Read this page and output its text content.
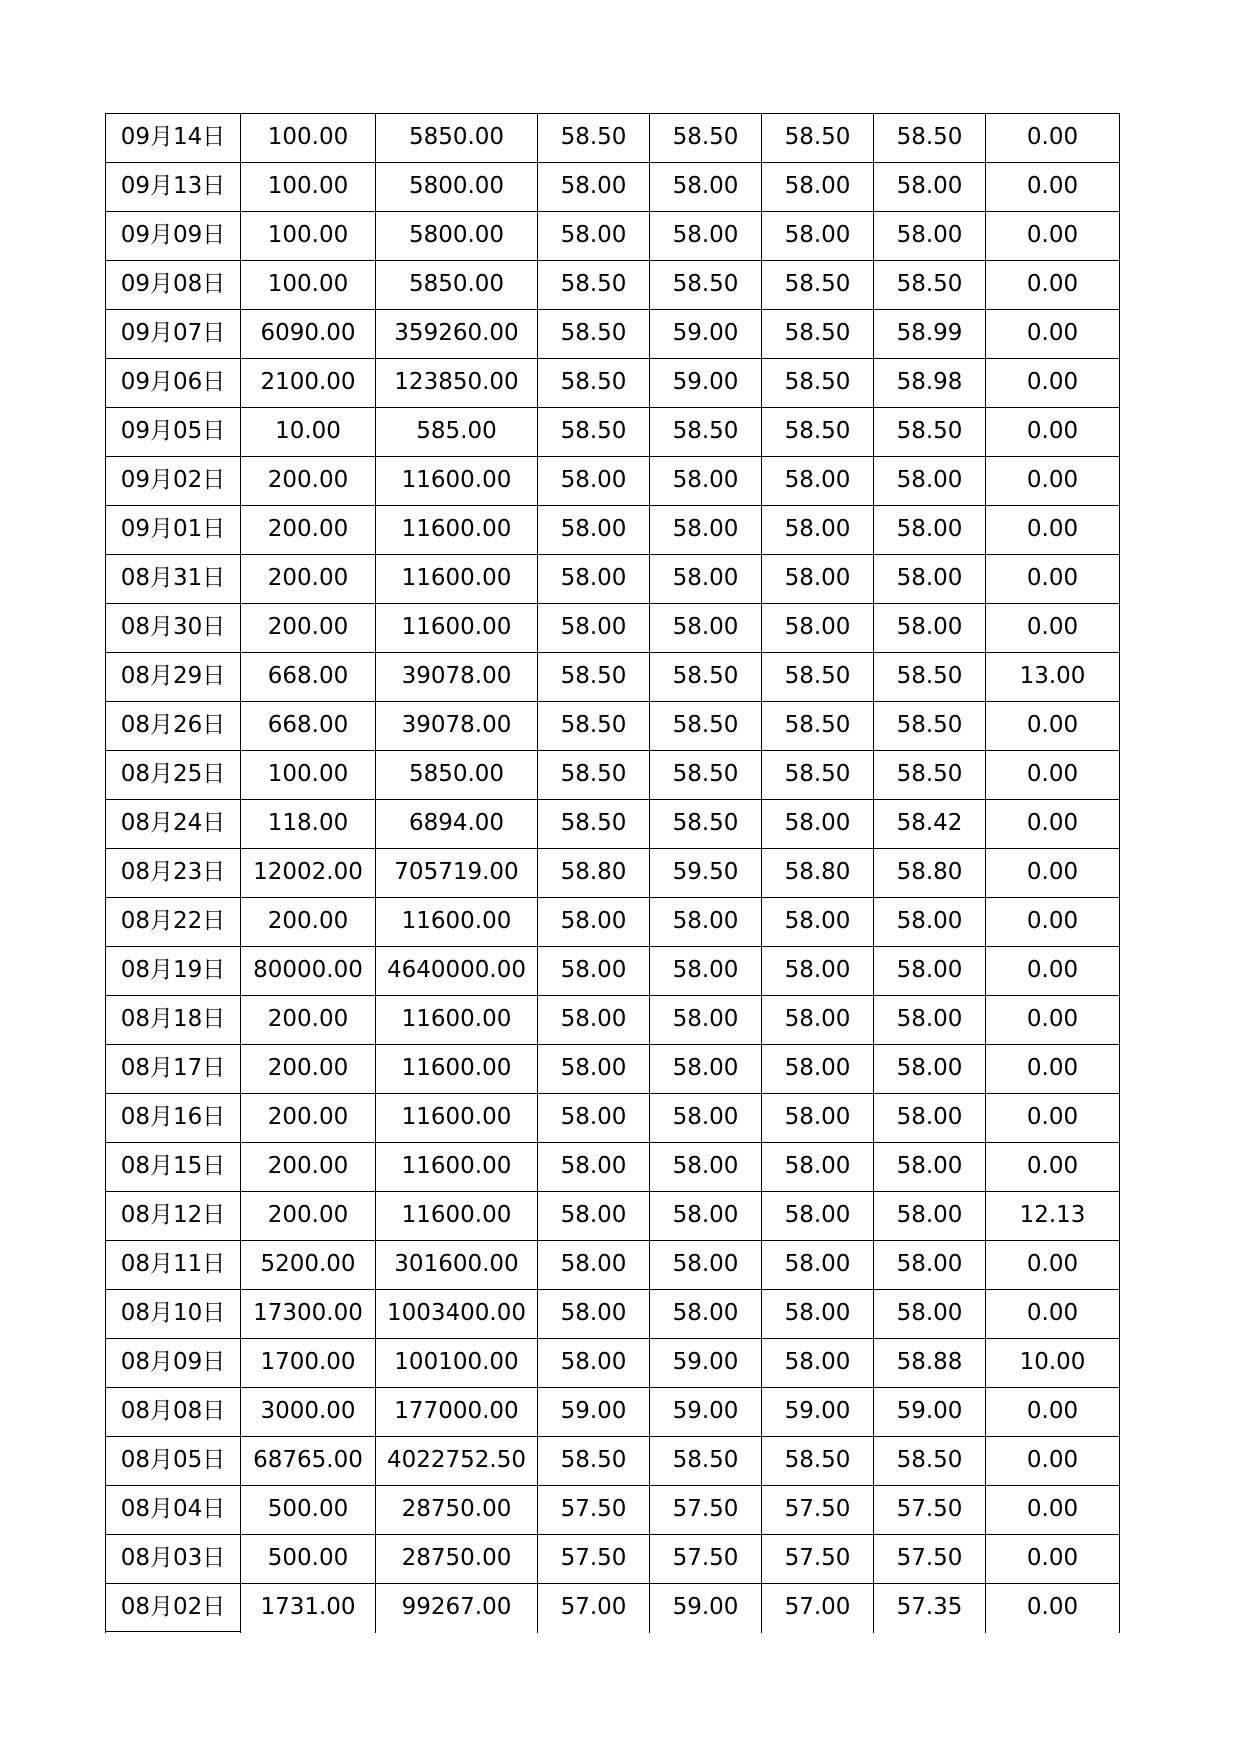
09月14日	100.00	5850.00	58.50	58.50	58.50	58.50	0.00
09月13日	100.00	5800.00	58.00	58.00	58.00	58.00	0.00
09月09日	100.00	5800.00	58.00	58.00	58.00	58.00	0.00
09月08日	100.00	5850.00	58.50	58.50	58.50	58.50	0.00
09月07日	6090.00	359260.00	58.50	59.00	58.50	58.99	0.00
09月06日	2100.00	123850.00	58.50	59.00	58.50	58.98	0.00
09月05日	10.00	585.00	58.50	58.50	58.50	58.50	0.00
09月02日	200.00	11600.00	58.00	58.00	58.00	58.00	0.00
09月01日	200.00	11600.00	58.00	58.00	58.00	58.00	0.00
08月31日	200.00	11600.00	58.00	58.00	58.00	58.00	0.00
08月30日	200.00	11600.00	58.00	58.00	58.00	58.00	0.00
08月29日	668.00	39078.00	58.50	58.50	58.50	58.50	13.00
08月26日	668.00	39078.00	58.50	58.50	58.50	58.50	0.00
08月25日	100.00	5850.00	58.50	58.50	58.50	58.50	0.00
08月24日	118.00	6894.00	58.50	58.50	58.00	58.42	0.00
08月23日	12002.00	705719.00	58.80	59.50	58.80	58.80	0.00
08月22日	200.00	11600.00	58.00	58.00	58.00	58.00	0.00
08月19日	80000.00	4640000.00	58.00	58.00	58.00	58.00	0.00
08月18日	200.00	11600.00	58.00	58.00	58.00	58.00	0.00
08月17日	200.00	11600.00	58.00	58.00	58.00	58.00	0.00
08月16日	200.00	11600.00	58.00	58.00	58.00	58.00	0.00
08月15日	200.00	11600.00	58.00	58.00	58.00	58.00	0.00
08月12日	200.00	11600.00	58.00	58.00	58.00	58.00	12.13
08月11日	5200.00	301600.00	58.00	58.00	58.00	58.00	0.00
08月10日	17300.00	1003400.00	58.00	58.00	58.00	58.00	0.00
08月09日	1700.00	100100.00	58.00	59.00	58.00	58.88	10.00
08月08日	3000.00	177000.00	59.00	59.00	59.00	59.00	0.00
08月05日	68765.00	4022752.50	58.50	58.50	58.50	58.50	0.00
08月04日	500.00	28750.00	57.50	57.50	57.50	57.50	0.00
08月03日	500.00	28750.00	57.50	57.50	57.50	57.50	0.00
08月02日	1731.00	99267.00	57.00	59.00	57.00	57.35	0.00
